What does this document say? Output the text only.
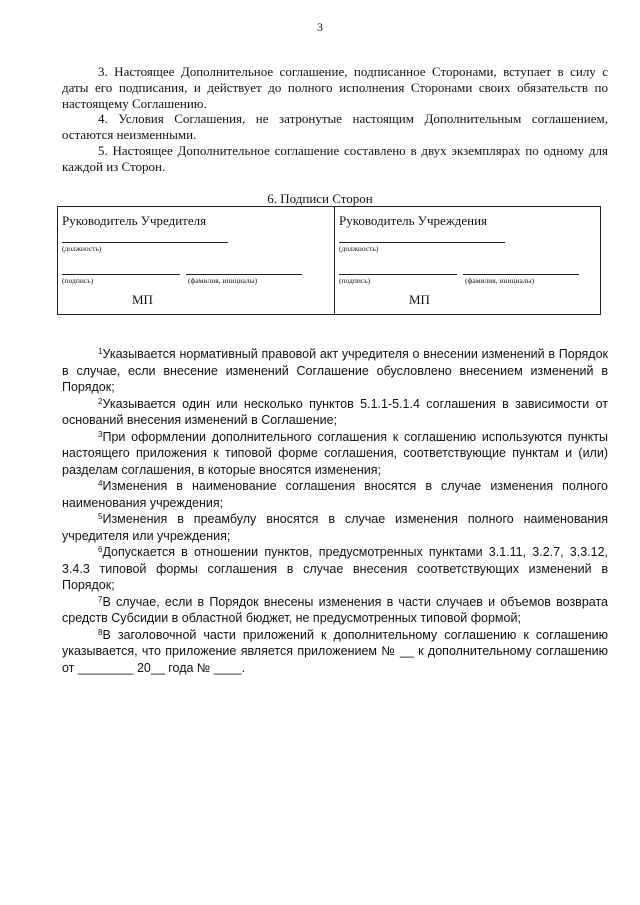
3
3. Настоящее Дополнительное соглашение, подписанное Сторонами, вступает в силу с даты его подписания, и действует до полного исполнения Сторонами своих обязательств по настоящему Соглашению.
4. Условия Соглашения, не затронутые настоящим Дополнительным соглашением, остаются неизменными.
5. Настоящее Дополнительное соглашение составлено в двух экземплярах по одному для каждой из Сторон.
6. Подписи Сторон
Руководитель Учредителя
(должность)
(подпись)	(фамилия, инициалы)
МП
Руководитель Учреждения
(должность)
(подпись)	(фамилия, инициалы)
МП

$^1$Указывается нормативный правовой акт учредителя о внесении изменений в Порядок в случае, если внесение изменений Соглашение обусловлено внесением изменений в Порядок;

$^2$Указывается один или несколько пунктов 5.1.1-5.1.4 соглашения в зависимости от оснований внесения изменений в Соглашение;

$^3$При оформлении дополнительного соглашения к соглашению используются пункты настоящего приложения к типовой форме соглашения, соответствующие пунктам и (или) разделам соглашения, в которые вносятся изменения;

$^4$Изменения в наименование соглашения вносятся в случае изменения полного наименования учреждения;

$^5$Изменения в преамбулу вносятся в случае изменения полного наименования учредителя или учреждения;

$^6$Допускается в отношении пунктов, предусмотренных пунктами 3.1.11, 3.2.7, 3.3.12, 3.4.3 типовой формы соглашения в случае внесения соответствующих изменений в Порядок;

$^7$В случае, если в Порядок внесены изменения в части случаев и объемов возврата средств Субсидии в областной бюджет, не предусмотренных типовой формой;

$^8$В заголовочной части приложений к дополнительному соглашению к соглашению указывается, что приложение является приложением № __ к дополнительному соглашению от ________ 20__ года № ____.
